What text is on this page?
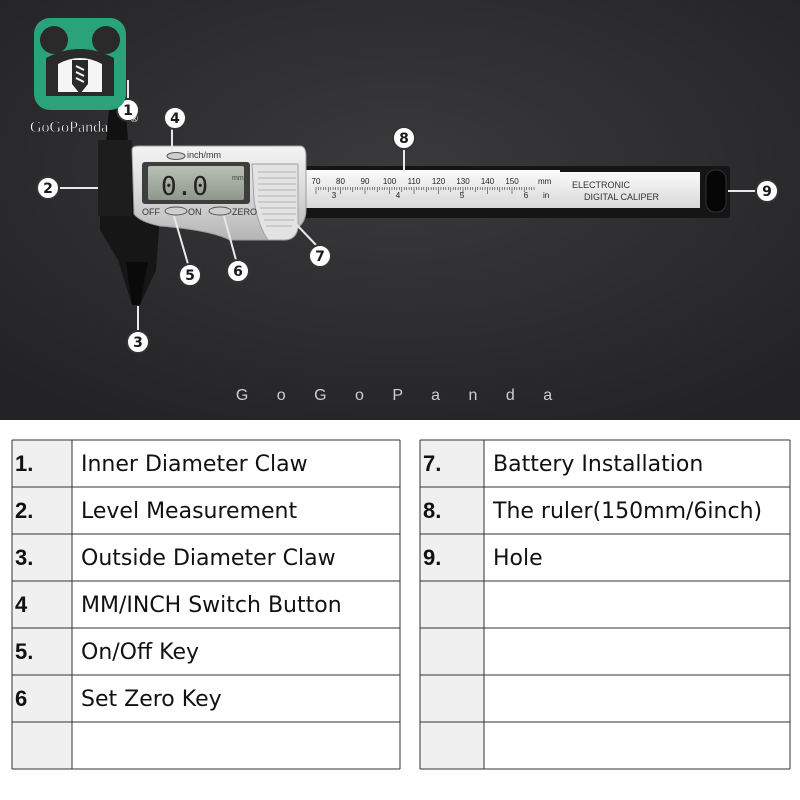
70 80 90 100 110 120 130 140 150 mm
in
3	4	5	6
ELECTRONIC
DIGITAL CALIPER
0.0	mm
inch/mm
OFF	ON	ZERO
1
2
3
4
5	6
7
8
9
GoGoPanda ®
G o G o P a n d a
1. Inner Diameter Claw
2. Level Measurement
3. Outside Diameter Claw
4 MM/INCH Switch Button
5. On/Off Key
6 Set Zero Key
7. Battery Installation
8. The ruler(150mm/6inch)
9. Hole
